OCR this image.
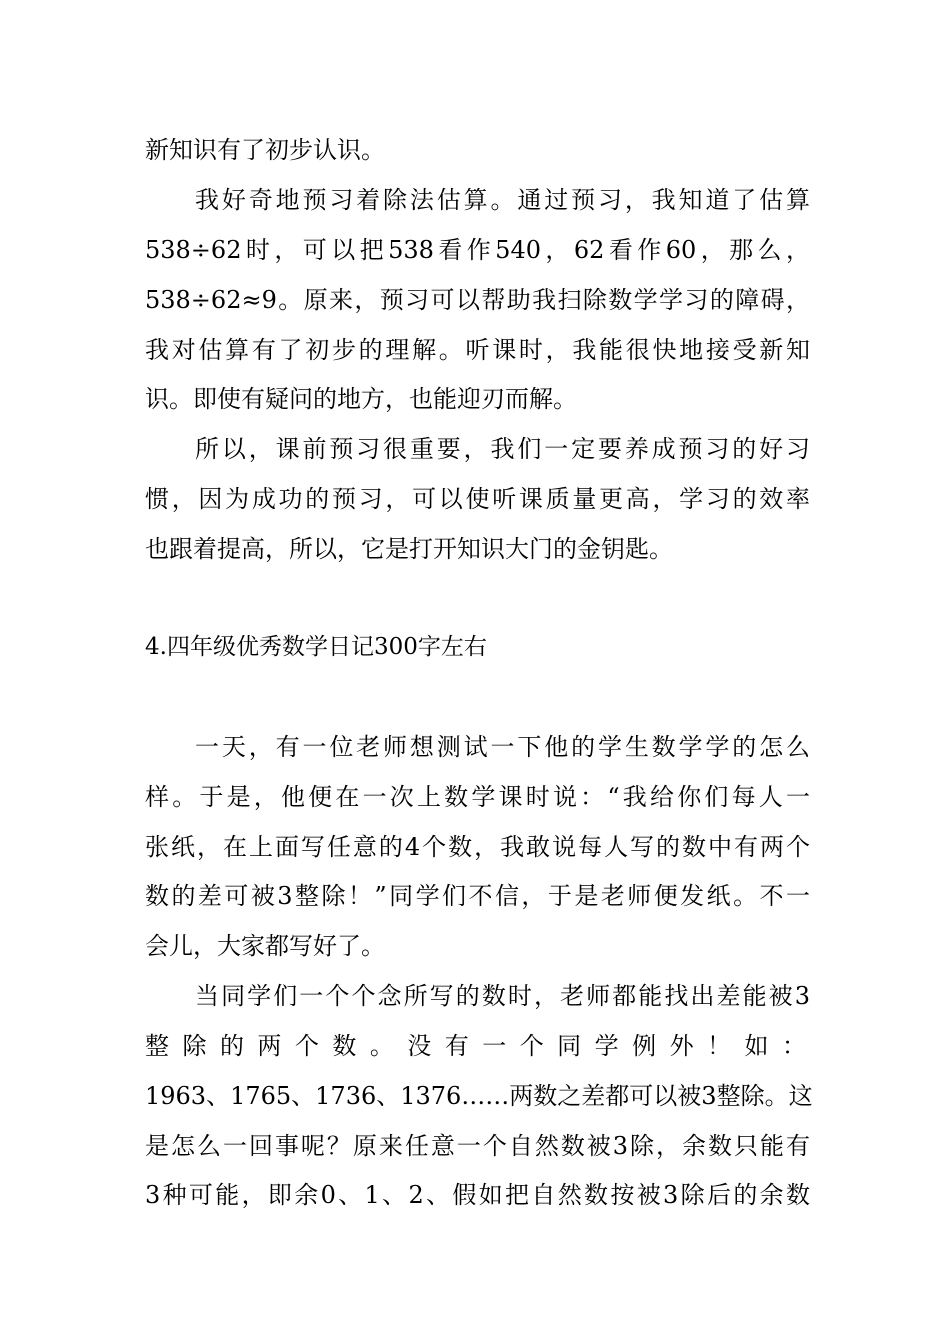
新知识有了初步认识。
我好奇地预习着除法估算。通过预习，我知道了估算
538÷62时，可以把538看作540，62看作60，那么，
538÷62≈9。原来，预习可以帮助我扫除数学学习的障碍，
我对估算有了初步的理解。听课时，我能很快地接受新知
识。即使有疑问的地方，也能迎刃而解。
所以，课前预习很重要，我们一定要养成预习的好习
惯，因为成功的预习，可以使听课质量更高，学习的效率
也跟着提高，所以，它是打开知识大门的金钥匙。
4.四年级优秀数学日记300字左右
一天，有一位老师想测试一下他的学生数学学的怎么
样。于是，他便在一次上数学课时说：“我给你们每人一
张纸，在上面写任意的4个数，我敢说每人写的数中有两个
数的差可被3整除！”同学们不信，于是老师便发纸。不一
会儿，大家都写好了。
当同学们一个个念所写的数时，老师都能找出差能被3
整除的两个数。没有一个同学例外！如：
1963、1765、1736、1376……两数之差都可以被3整除。这
是怎么一回事呢？原来任意一个自然数被3除，余数只能有
3种可能，即余0、1、2、假如把自然数按被3除后的余数
